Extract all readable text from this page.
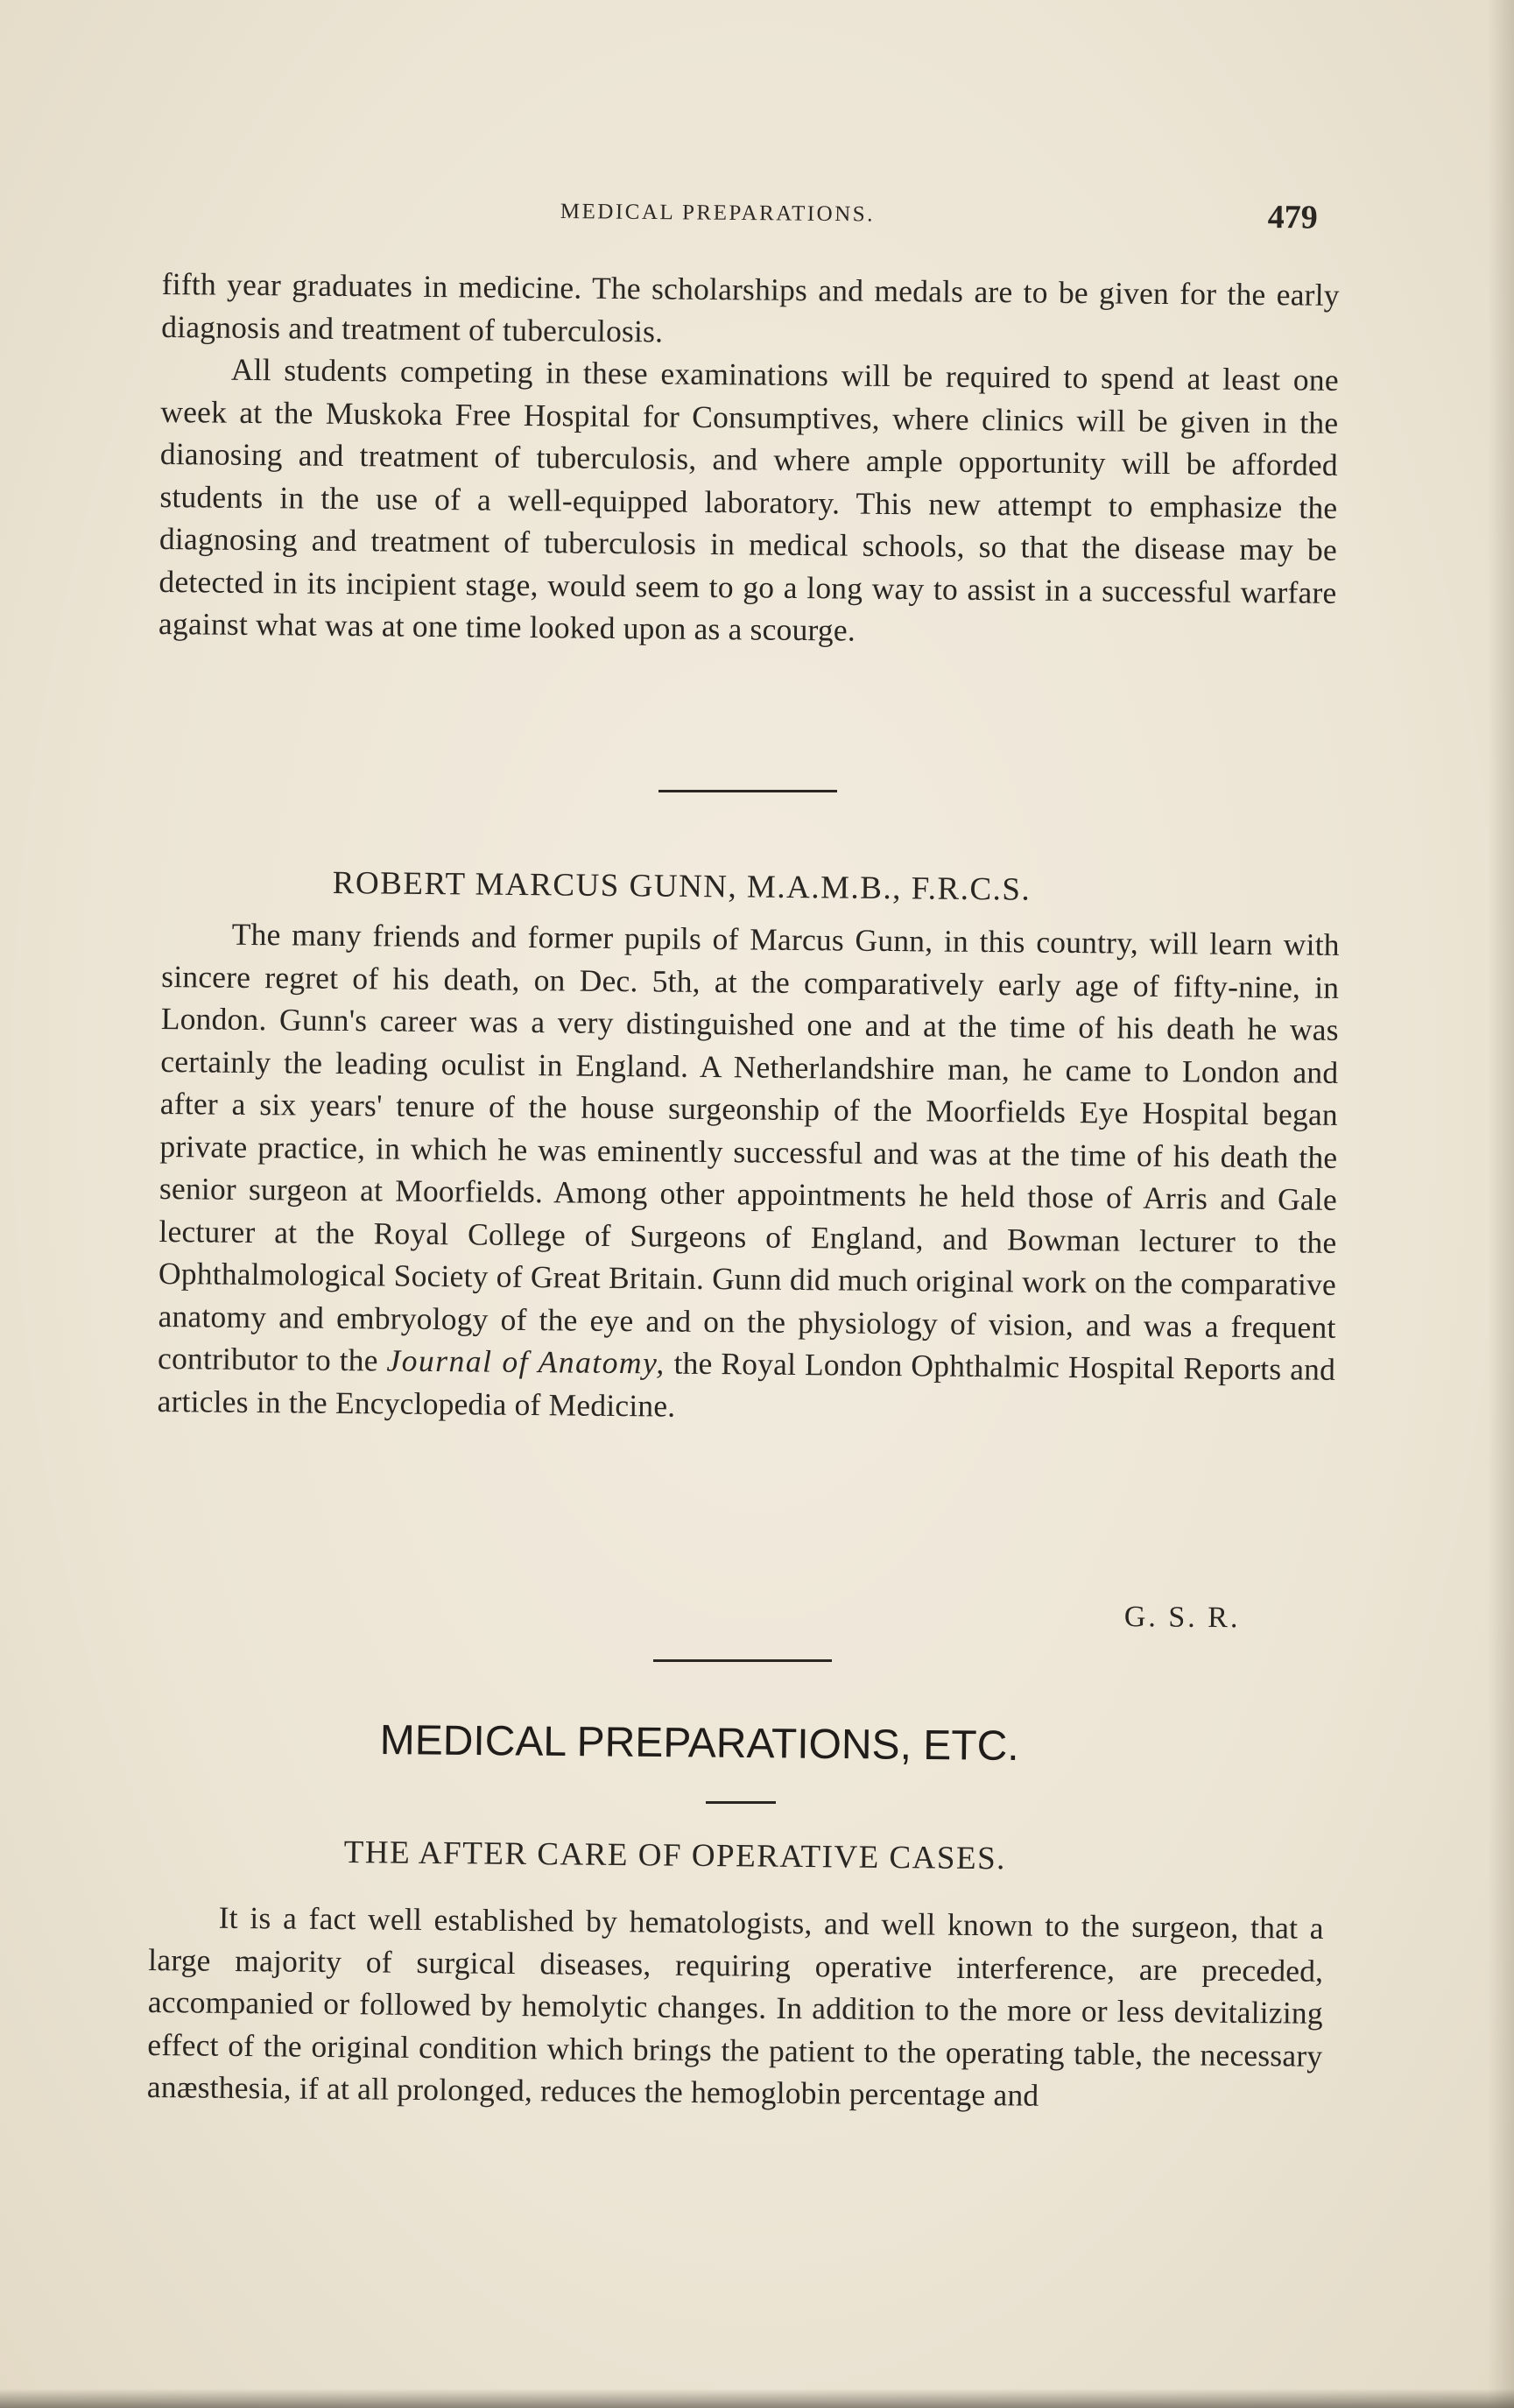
MEDICAL PREPARATIONS.	479

fifth year graduates in medicine. The scholarships and medals are to be given for the early diagnosis and treatment of tuberculosis.

All students competing in these examinations will be required to spend at least one week at the Muskoka Free Hospital for Consumptives, where clinics will be given in the dianosing and treatment of tuberculosis, and where ample opportunity will be afforded students in the use of a well-equipped laboratory. This new attempt to emphasize the diagnosing and treatment of tuberculosis in medical schools, so that the disease may be detected in its incipient stage, would seem to go a long way to assist in a successful warfare against what was at one time looked upon as a scourge.

ROBERT MARCUS GUNN, M.A.M.B., F.R.C.S.

The many friends and former pupils of Marcus Gunn, in this country, will learn with sincere regret of his death, on Dec. 5th, at the comparatively early age of fifty-nine, in London. Gunn's career was a very distinguished one and at the time of his death he was certainly the leading oculist in England. A Netherlandshire man, he came to London and after a six years' tenure of the house surgeonship of the Moorfields Eye Hospital began private practice, in which he was eminently successful and was at the time of his death the senior surgeon at Moorfields. Among other appointments he held those of Arris and Gale lecturer at the Royal College of Surgeons of England, and Bowman lecturer to the Ophthalmological Society of Great Britain. Gunn did much original work on the comparative anatomy and embryology of the eye and on the physiology of vision, and was a frequent contributor to the Journal of Anatomy, the Royal London Ophthalmic Hospital Reports and articles in the Encyclopedia of Medicine.

G. S. R.
MEDICAL PREPARATIONS, ETC.
THE AFTER CARE OF OPERATIVE CASES.

It is a fact well established by hematologists, and well known to the surgeon, that a large majority of surgical diseases, requiring operative interference, are preceded, accompanied or followed by hemolytic changes. In addition to the more or less devitalizing effect of the original condition which brings the patient to the operating table, the necessary anæsthesia, if at all prolonged, reduces the hemoglobin percentage and
